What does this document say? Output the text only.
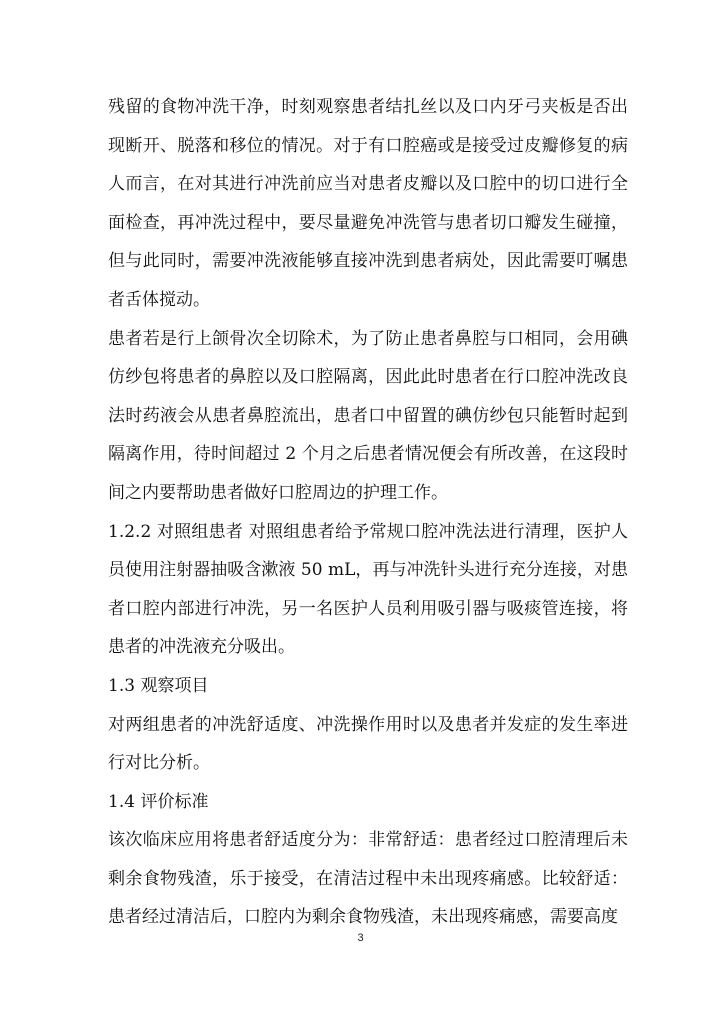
残留的食物冲洗干净，时刻观察患者结扎丝以及口内牙弓夹板是否出现断开、脱落和移位的情况。对于有口腔癌或是接受过皮瓣修复的病人而言，在对其进行冲洗前应当对患者皮瓣以及口腔中的切口进行全面检查，再冲洗过程中，要尽量避免冲洗管与患者切口瓣发生碰撞，但与此同时，需要冲洗液能够直接冲洗到患者病处，因此需要叮嘱患者舌体搅动。

患者若是行上颌骨次全切除术，为了防止患者鼻腔与口相同，会用碘仿纱包将患者的鼻腔以及口腔隔离，因此此时患者在行口腔冲洗改良法时药液会从患者鼻腔流出，患者口中留置的碘仿纱包只能暂时起到隔离作用，待时间超过 2 个月之后患者情况便会有所改善，在这段时间之内要帮助患者做好口腔周边的护理工作。

1.2.2 对照组患者 对照组患者给予常规口腔冲洗法进行清理，医护人员使用注射器抽吸含漱液 50 mL，再与冲洗针头进行充分连接，对患者口腔内部进行冲洗，另一名医护人员利用吸引器与吸痰管连接，将患者的冲洗液充分吸出。

1.3 观察项目

对两组患者的冲洗舒适度、冲洗操作用时以及患者并发症的发生率进行对比分析。

1.4 评价标准

该次临床应用将患者舒适度分为：非常舒适：患者经过口腔清理后未剩余食物残渣，乐于接受，在清洁过程中未出现疼痛感。比较舒适：患者经过清洁后，口腔内为剩余食物残渣，未出现疼痛感，需要高度

3
